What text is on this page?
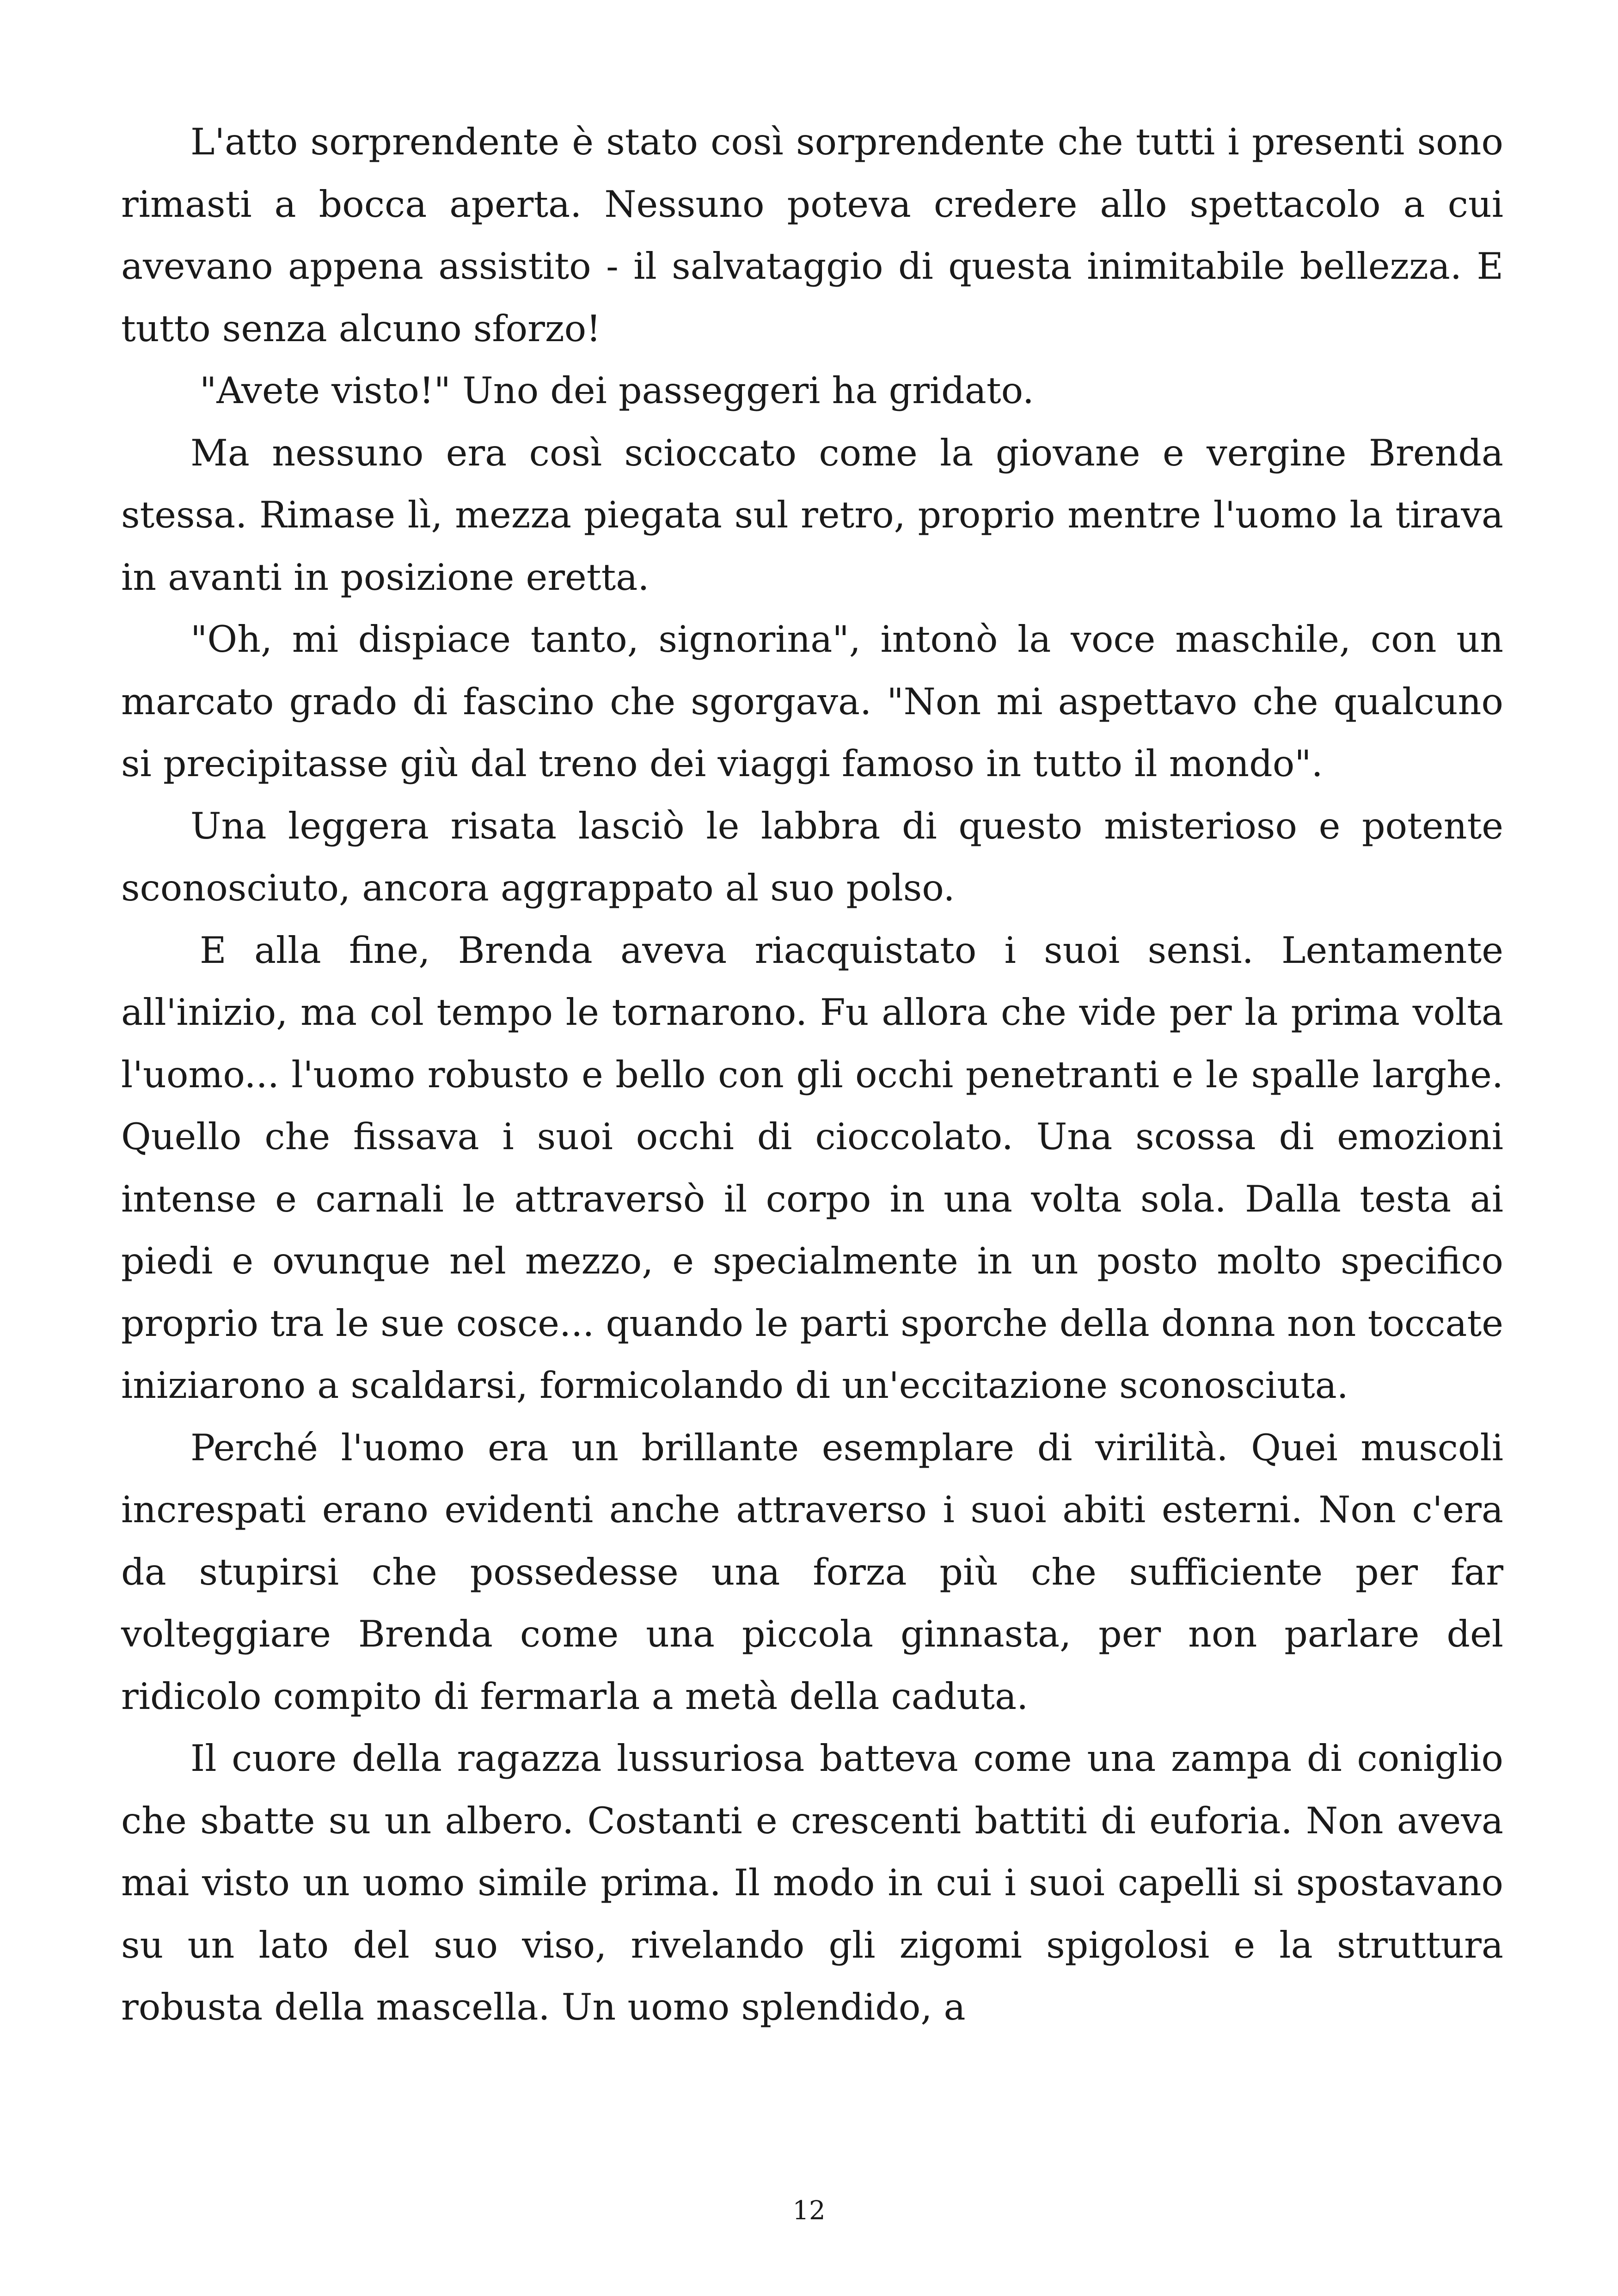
L'atto sorprendente è stato così sorprendente che tutti i presenti sono rimasti a bocca aperta. Nessuno poteva credere allo spettacolo a cui avevano appena assistito - il salvataggio di questa inimitabile bellezza. E tutto senza alcuno sforzo!

"Avete visto!" Uno dei passeggeri ha gridato.

Ma nessuno era così scioccato come la giovane e vergine Brenda stessa. Rimase lì, mezza piegata sul retro, proprio mentre l'uomo la tirava in avanti in posizione eretta.

"Oh, mi dispiace tanto, signorina", intonò la voce maschile, con un marcato grado di fascino che sgorgava. "Non mi aspettavo che qualcuno si precipitasse giù dal treno dei viaggi famoso in tutto il mondo".

Una leggera risata lasciò le labbra di questo misterioso e potente sconosciuto, ancora aggrappato al suo polso.

E alla fine, Brenda aveva riacquistato i suoi sensi. Lentamente all'inizio, ma col tempo le tornarono. Fu allora che vide per la prima volta l'uomo... l'uomo robusto e bello con gli occhi penetranti e le spalle larghe. Quello che fissava i suoi occhi di cioccolato. Una scossa di emozioni intense e carnali le attraversò il corpo in una volta sola. Dalla testa ai piedi e ovunque nel mezzo, e specialmente in un posto molto specifico proprio tra le sue cosce... quando le parti sporche della donna non toccate iniziarono a scaldarsi, formicolando di un'eccitazione sconosciuta.

Perché l'uomo era un brillante esemplare di virilità. Quei muscoli increspati erano evidenti anche attraverso i suoi abiti esterni. Non c'era da stupirsi che possedesse una forza più che sufficiente per far volteggiare Brenda come una piccola ginnasta, per non parlare del ridicolo compito di fermarla a metà della caduta.

Il cuore della ragazza lussuriosa batteva come una zampa di coniglio che sbatte su un albero. Costanti e crescenti battiti di euforia. Non aveva mai visto un uomo simile prima. Il modo in cui i suoi capelli si spostavano su un lato del suo viso, rivelando gli zigomi spigolosi e la struttura robusta della mascella. Un uomo splendido, a

12
